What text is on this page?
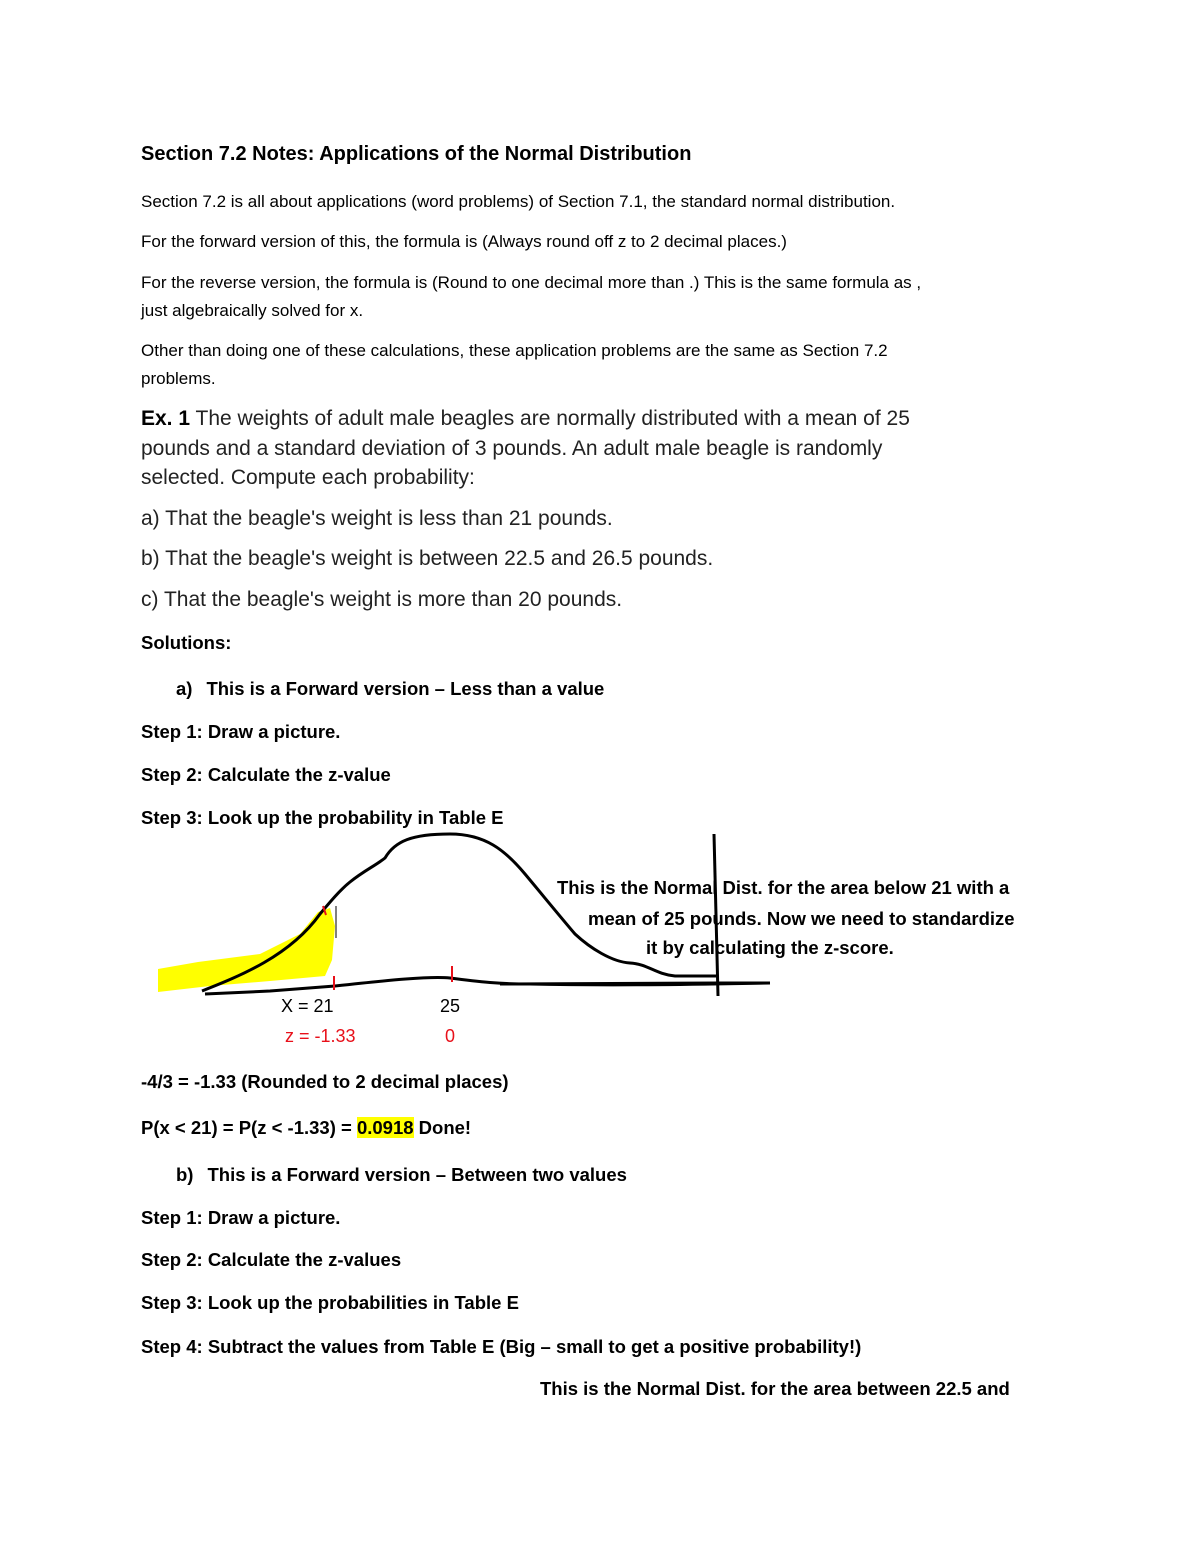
Section 7.2 Notes: Applications of the Normal Distribution
Section 7.2 is all about applications (word problems) of Section 7.1, the standard normal distribution.
For the forward version of this, the formula is (Always round off z to 2 decimal places.)
For the reverse version, the formula is (Round to one decimal more than .) This is the same formula as ,
just algebraically solved for x.
Other than doing one of these calculations, these application problems are the same as Section 7.2
problems.
Ex. 1 The weights of adult male beagles are normally distributed with a mean of 25
pounds and a standard deviation of 3 pounds. An adult male beagle is randomly
selected. Compute each probability:
a) That the beagle's weight is less than 21 pounds.
b) That the beagle's weight is between 22.5 and 26.5 pounds.
c) That the beagle's weight is more than 20 pounds.
Solutions:
a) This is a Forward version – Less than a value
Step 1: Draw a picture.
Step 2: Calculate the z-value
Step 3: Look up the probability in Table E
X = 21	25
z = -1.33	0
This is the Normal Dist. for the area below 21 with a
mean of 25 pounds. Now we need to standardize
it by calculating the z-score.
-4/3 = -1.33 (Rounded to 2 decimal places)
P(x < 21) = P(z < -1.33) = 0.0918 Done!
b) This is a Forward version – Between two values
Step 1: Draw a picture.
Step 2: Calculate the z-values
Step 3: Look up the probabilities in Table E
Step 4: Subtract the values from Table E (Big – small to get a positive probability!)
This is the Normal Dist. for the area between 22.5 and
